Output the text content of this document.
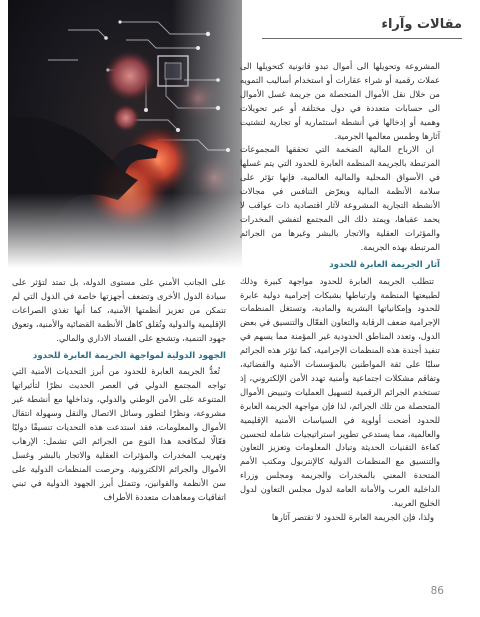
مقالات وآراء

المشروعة وتحويلها الى أموال تبدو قانونية كتحويلها الى عملات رقمية أو شراء عقارات أو استخدام أساليب التمويه من خلال نقل الأموال المتحصلة من جريمة غسل الأموال الى حسابات متعددة في دول مختلفة أو عبر تحويلات وهمية أو إدخالها في أنشطة استثمارية أو تجارية لتشتيت آثارها وطمس معالمها الجرمية.

ان الارباح المالية الضخمة التي تحققها المجموعات المرتبطة بالجريمة المنظمة العابرة للحدود التي يتم غسلها في الأسواق المحلية والمالية العالمية، فإنها تؤثر على سلامة الأنظمة المالية ويعرّض التنافس في مجالات الأنشطة التجارية المشروعة لآثار اقتصادية ذات عواقب لا يحمد عقباها، ويمتد ذلك الى المجتمع لتفشي المخدرات والمؤثرات العقلية والاتجار بالبشر وغيرها من الجرائم المرتبطة بهذه الجريمة.

آثار الجريمة العابرة للحدود

تتطلب الجريمة العابرة للحدود مواجهة كبيرة وذلك لطبيعتها المنظمة وارتباطها بشبكات إجرامية دولية عابرة للحدود وإمكانياتها البشرية والمادية، وتستغل المنظمات الإجرامية ضعف الرقابة والتعاون الفعّال والتنسيق في بعض الدول، وتعدد المناطق الحدودية غير المؤمنة مما يسهم في تنفيذ أجندة هذه المنظمات الإجرامية، كما تؤثر هذه الجرائم سلبًا على ثقة المواطنين بالمؤسسات الأمنية والقضائية، وتفاقم مشكلات اجتماعية وأمنية تهدد الأمن الإلكتروني، إذ تستخدم الجرائم الرقمية لتسهيل العمليات وتبييض الأموال المتحصلة من تلك الجرائم، لذا فإن مواجهة الجريمة العابرة للحدود أضحت أولوية في السياسات الأمنية الإقليمية والعالمية، مما يستدعي تطوير استراتيجيات شاملة لتحسين كفاءة التقنيات الحديثة وتبادل المعلومات وتعزيز التعاون والتنسيق مع المنظمات الدولية كالإنتربول ومكتب الأمم المتحدة المعني بالمخدرات والجريمة ومجلس وزراء الداخلية العرب والأمانة العامة لدول مجلس التعاون لدول الخليج العربية.

ولذا، فإن الجريمة العابرة للحدود لا تقتصر آثارها

على الجانب الأمني على مستوى الدولة، بل تمتد لتؤثر على سيادة الدول الأخرى وتضعف أجهزتها خاصة في الدول التي لم تتمكن من تعزيز أنظمتها الأمنية، كما أنها تغذي الصراعات الإقليمية والدولية وتُقلق كاهل الأنظمة القضائية والأمنية، وتعوق جهود التنمية، وتشجع على الفساد الاداري والمالي.

الجهود الدولية لمواجهة الجريمة العابرة للحدود

تُعدُّ الجريمة العابرة للحدود من أبرز التحديات الأمنية التي تواجه المجتمع الدولي في العصر الحديث نظرًا لتأثيراتها المتنوعة على الأمن الوطني والدولي، وتداخلها مع أنشطة غير مشروعة، ونظرًا لتطور وسائل الاتصال والنقل وسهولة انتقال الأموال والمعلومات، فقد استدعت هذه التحديات تنسيقًا دوليًا فعّالًا لمكافحة هذا النوع من الجرائم التي تشمل: الإرهاب وتهريب المخدرات والمؤثرات العقلية والاتجار بالبشر وغسل الأموال والجرائم الالكترونية. وحرصت المنظمات الدولية على سن الأنظمة والقوانين، وتتمثل أبرز الجهود الدولية في تبني اتفاقيات ومعاهدات متعددة الأطراف

86
